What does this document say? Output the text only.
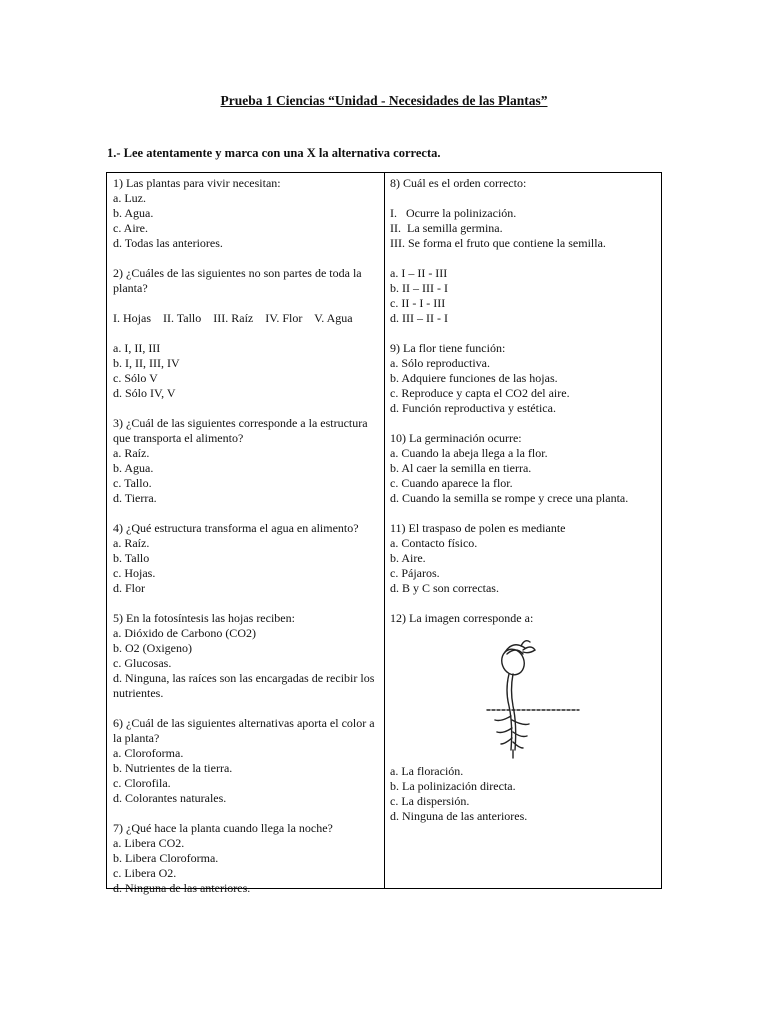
Prueba 1 Ciencias “Unidad - Necesidades de las Plantas”
1.- Lee atentamente y marca con una X la alternativa correcta.
1) Las plantas para vivir necesitan:
a. Luz.
b. Agua.
c. Aire.
d. Todas las anteriores.
2) ¿Cuáles de las siguientes no son partes de toda la planta?
I. Hojas    II. Tallo    III. Raíz    IV. Flor    V. Agua
a. I, II, III
b. I, II, III, IV
c. Sólo V
d. Sólo IV, V
3) ¿Cuál de las siguientes corresponde a la estructura que transporta el alimento?
a. Raíz.
b. Agua.
c. Tallo.
d. Tierra.
4) ¿Qué estructura transforma el agua en alimento?
a. Raíz.
b. Tallo
c. Hojas.
d. Flor
5) En la fotosíntesis las hojas reciben:
a. Dióxido de Carbono (CO2)
b. O2 (Oxigeno)
c. Glucosas.
d. Ninguna, las raíces son las encargadas de recibir los nutrientes.
6) ¿Cuál de las siguientes alternativas aporta el color a la planta?
a. Cloroforma.
b. Nutrientes de la tierra.
c. Clorofila.
d. Colorantes naturales.
7) ¿Qué hace la planta cuando llega la noche?
a. Libera CO2.
b. Libera Cloroforma.
c. Libera O2.
d. Ninguna de las anteriores.
8) Cuál es el orden correcto:
I.   Ocurre la polinización.
II.  La semilla germina.
III. Se forma el fruto que contiene la semilla.
a. I – II - III
b. II – III - I
c. II - I - III
d. III – II - I
9) La flor tiene función:
a. Sólo reproductiva.
b. Adquiere funciones de las hojas.
c. Reproduce y capta el CO2 del aire.
d. Función reproductiva y estética.
10) La germinación ocurre:
a. Cuando la abeja llega a la flor.
b. Al caer la semilla en tierra.
c. Cuando aparece la flor.
d. Cuando la semilla se rompe y crece una planta.
11) El traspaso de polen es mediante
a. Contacto físico.
b. Aire.
c. Pájaros.
d. B y C son correctas.
12) La imagen corresponde a:
a. La floración.
b. La polinización directa.
c. La dispersión.
d. Ninguna de las anteriores.
